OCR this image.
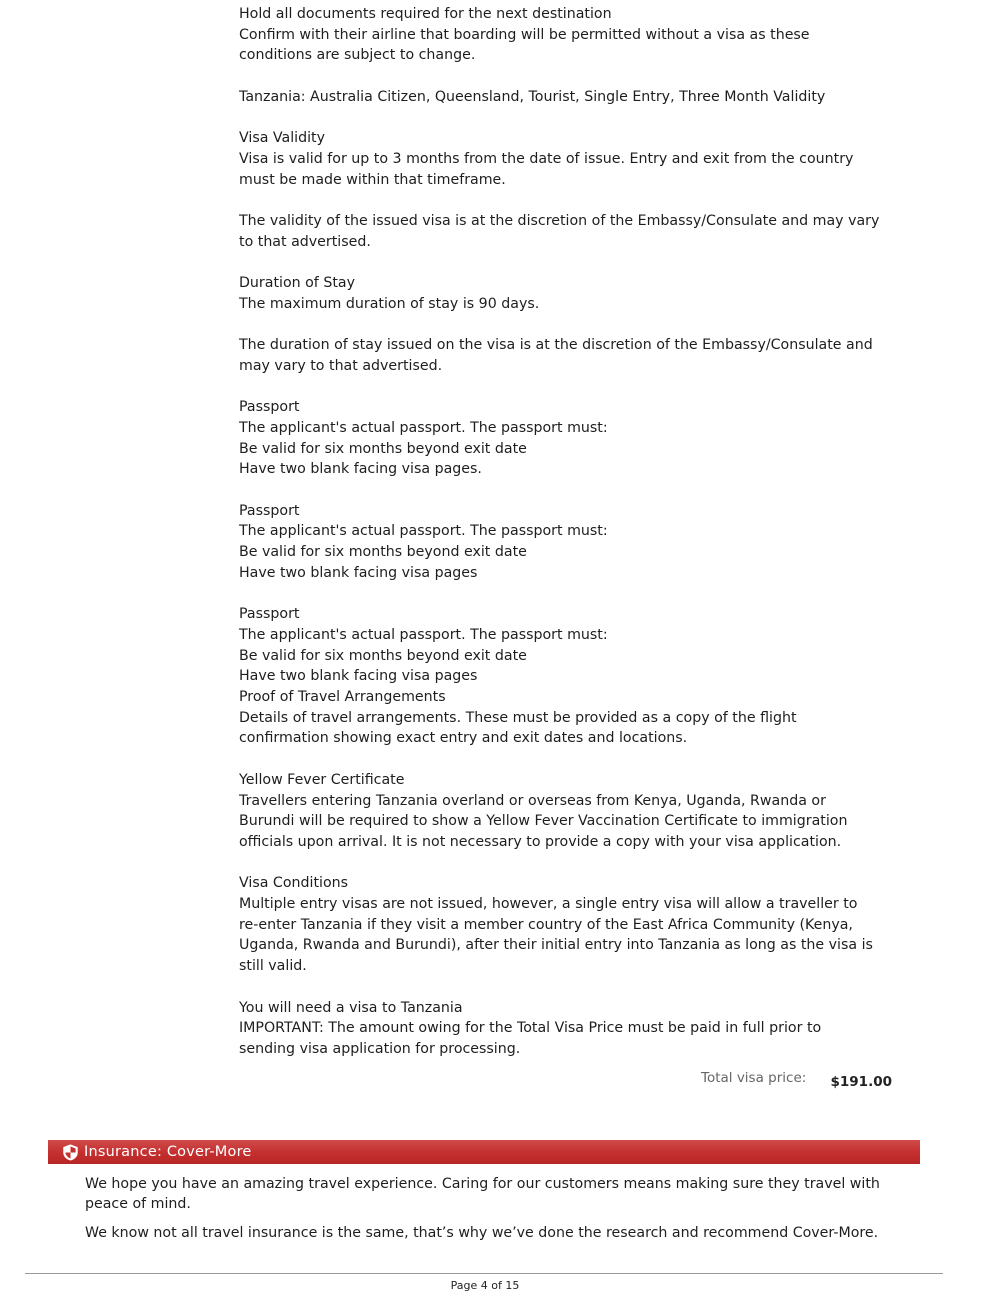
Hold all documents required for the next destination
Confirm with their airline that boarding will be permitted without a visa as these
conditions are subject to change.
Tanzania: Australia Citizen, Queensland, Tourist, Single Entry, Three Month Validity
Visa Validity
Visa is valid for up to 3 months from the date of issue. Entry and exit from the country
must be made within that timeframe.
The validity of the issued visa is at the discretion of the Embassy/Consulate and may vary
to that advertised.
Duration of Stay
The maximum duration of stay is 90 days.
The duration of stay issued on the visa is at the discretion of the Embassy/Consulate and
may vary to that advertised.
Passport
The applicant's actual passport. The passport must:
Be valid for six months beyond exit date
Have two blank facing visa pages.
Passport
The applicant's actual passport. The passport must:
Be valid for six months beyond exit date
Have two blank facing visa pages
Passport
The applicant's actual passport. The passport must:
Be valid for six months beyond exit date
Have two blank facing visa pages
Proof of Travel Arrangements
Details of travel arrangements. These must be provided as a copy of the flight
confirmation showing exact entry and exit dates and locations.
Yellow Fever Certificate
Travellers entering Tanzania overland or overseas from Kenya, Uganda, Rwanda or
Burundi will be required to show a Yellow Fever Vaccination Certificate to immigration
officials upon arrival. It is not necessary to provide a copy with your visa application.
Visa Conditions
Multiple entry visas are not issued, however, a single entry visa will allow a traveller to
re-enter Tanzania if they visit a member country of the East Africa Community (Kenya,
Uganda, Rwanda and Burundi), after their initial entry into Tanzania as long as the visa is
still valid.
You will need a visa to Tanzania
IMPORTANT: The amount owing for the Total Visa Price must be paid in full prior to
sending visa application for processing.
Total visa price: $191.00
Insurance: Cover-More

We hope you have an amazing travel experience. Caring for our customers means making sure they travel with peace of mind.

We know not all travel insurance is the same, that’s why we’ve done the research and recommend Cover-More.

Page 4 of 15
